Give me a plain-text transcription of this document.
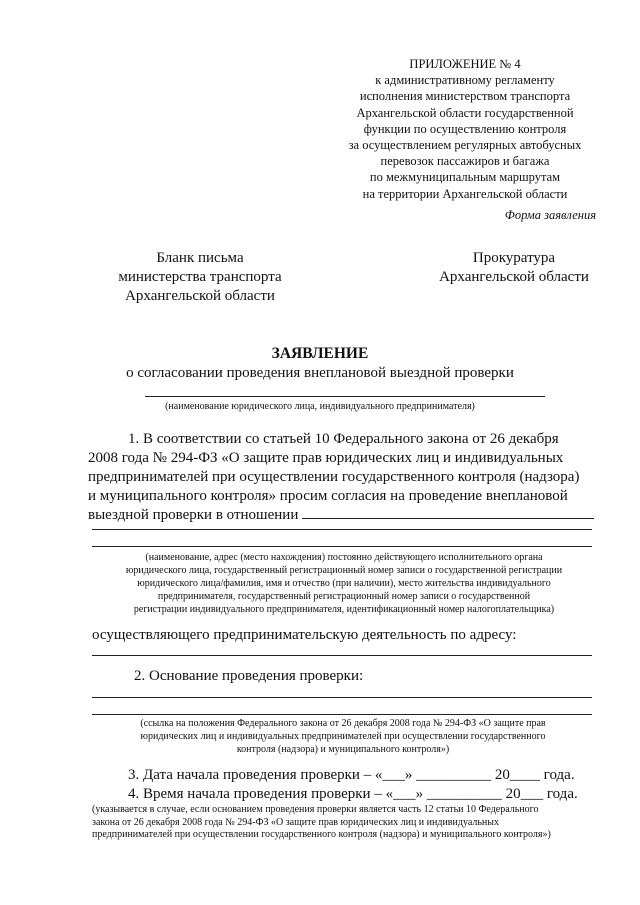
ПРИЛОЖЕНИЕ № 4
к административному регламенту
исполнения министерством транспорта
Архангельской области государственной
функции по осуществлению контроля
за осуществлением регулярных автобусных
перевозок пассажиров и багажа
по межмуниципальным маршрутам
на территории Архангельской области
Форма заявления
Бланк письма
министерства транспорта
Архангельской области
Прокуратура
Архангельской области
ЗАЯВЛЕНИЕ
о согласовании проведения внеплановой выездной проверки
(наименование юридического лица, индивидуального предпринимателя)
1. В соответствии со статьей 10 Федерального закона от 26 декабря
2008 года № 294-ФЗ «О защите прав юридических лиц и индивидуальных
предпринимателей при осуществлении государственного контроля (надзора)
и муниципального контроля» просим согласия на проведение внеплановой
выездной проверки в отношении
(наименование, адрес (место нахождения) постоянно действующего исполнительного органа
юридического лица, государственный регистрационный номер записи о государственной регистрации
юридического лица/фамилия, имя и отчество (при наличии), место жительства индивидуального
предпринимателя, государственный регистрационный номер записи о государственной
регистрации индивидуального предпринимателя, идентификационный номер налогоплательщика)
осуществляющего предпринимательскую деятельность по адресу:
2. Основание проведения проверки:
(ссылка на положения Федерального закона от 26 декабря 2008 года № 294-ФЗ «О защите прав
юридических лиц и индивидуальных предпринимателей при осуществлении государственного
контроля (надзора) и муниципального контроля»)
3. Дата начала проведения проверки – «___» __________ 20____ года.
4. Время начала проведения проверки – «___» __________ 20___ года.
(указывается в случае, если основанием проведения проверки является часть 12 статьи 10 Федерального
закона от 26 декабря 2008 года № 294-ФЗ «О защите прав юридических лиц и индивидуальных
предпринимателей при осуществлении государственного контроля (надзора) и муниципального контроля»)
